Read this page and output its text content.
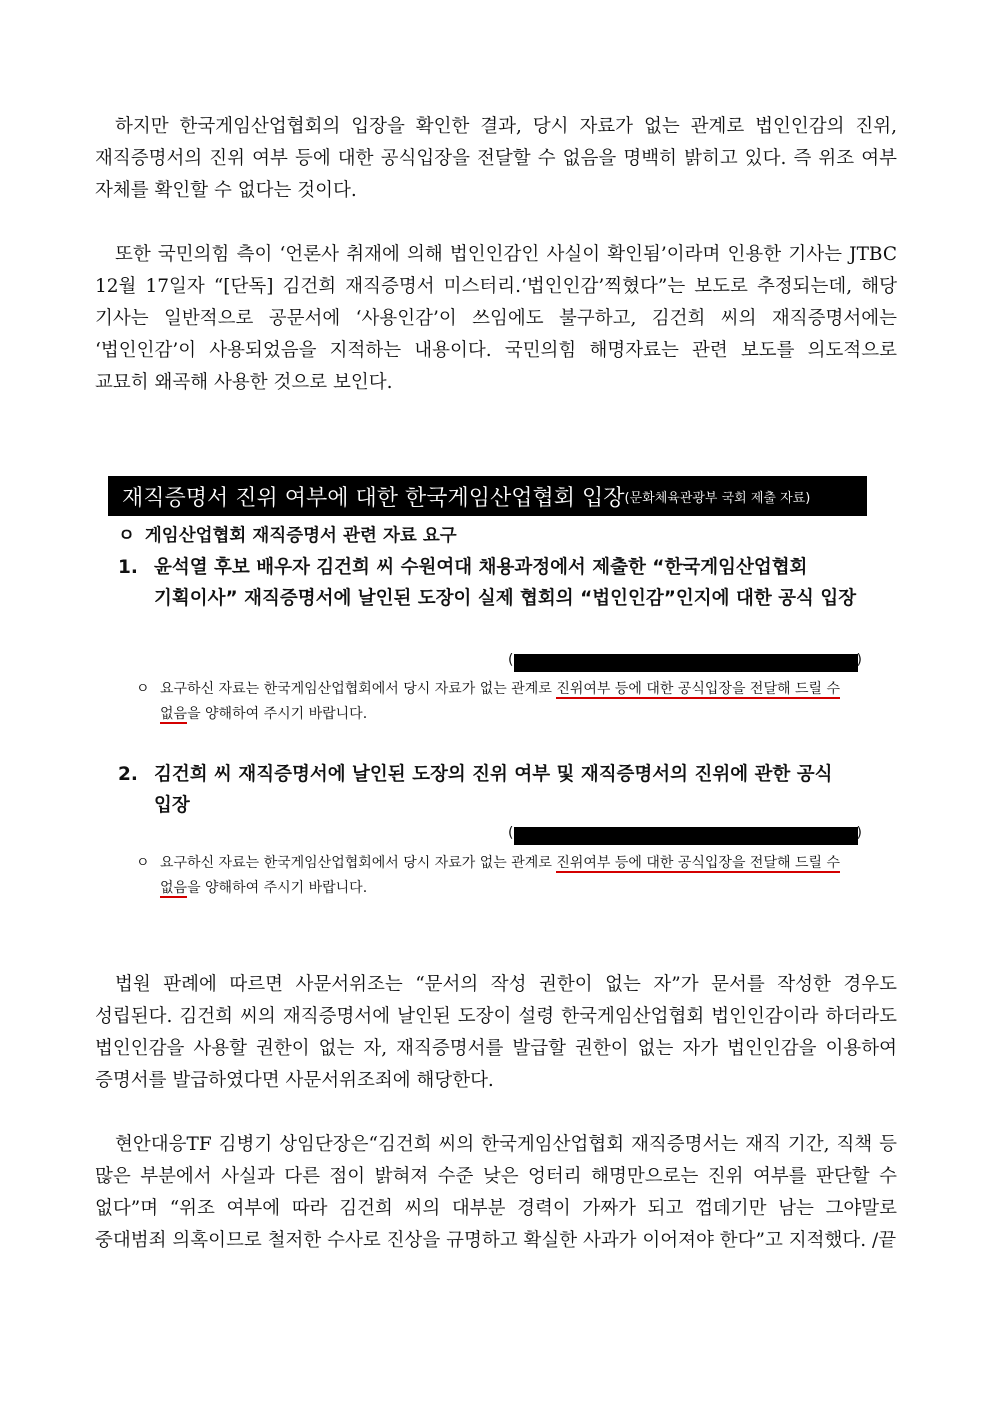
하지만 한국게임산업협회의 입장을 확인한 결과, 당시 자료가 없는 관계로 법인인감의 진위, 재직증명서의 진위 여부 등에 대한 공식입장을 전달할 수 없음을 명백히 밝히고 있다. 즉 위조 여부 자체를 확인할 수 없다는 것이다.

또한 국민의힘 측이 ‘언론사 취재에 의해 법인인감인 사실이 확인됨’이라며 인용한 기사는 JTBC 12월 17일자 “[단독] 김건희 재직증명서 미스터리.‘법인인감’찍혔다”는 보도로 추정되는데, 해당 기사는 일반적으로 공문서에 ‘사용인감’이 쓰임에도 불구하고, 김건희 씨의 재직증명서에는 ‘법인인감’이 사용되었음을 지적하는 내용이다. 국민의힘 해명자료는 관련 보도를 의도적으로 교묘히 왜곡해 사용한 것으로 보인다.

재직증명서 진위 여부에 대한 한국게임산업협회 입장 (문화체육관광부 국회 제출 자료)
ㅇ 게임산업협회 재직증명서 관련 자료 요구
1. 윤석열 후보 배우자 김건희 씨 수원여대 채용과정에서 제출한 “한국게임산업협회 기획이사” 재직증명서에 날인된 도장이 실제 협회의 “법인인감”인지에 대한 공식 입장
(	)
ㅇ 요구하신 자료는 한국게임산업협회에서 당시 자료가 없는 관계로 진위여부 등에 대한 공식입장을 전달해 드릴 수 없음을 양해하여 주시기 바랍니다.
2. 김건희 씨 재직증명서에 날인된 도장의 진위 여부 및 재직증명서의 진위에 관한 공식 입장
(	)
ㅇ 요구하신 자료는 한국게임산업협회에서 당시 자료가 없는 관계로 진위여부 등에 대한 공식입장을 전달해 드릴 수 없음을 양해하여 주시기 바랍니다.

법원 판례에 따르면 사문서위조는 “문서의 작성 권한이 없는 자”가 문서를 작성한 경우도 성립된다. 김건희 씨의 재직증명서에 날인된 도장이 설령 한국게임산업협회 법인인감이라 하더라도 법인인감을 사용할 권한이 없는 자, 재직증명서를 발급할 권한이 없는 자가 법인인감을 이용하여 증명서를 발급하였다면 사문서위조죄에 해당한다.

현안대응TF 김병기 상임단장은“김건희 씨의 한국게임산업협회 재직증명서는 재직 기간, 직책 등 많은 부분에서 사실과 다른 점이 밝혀져 수준 낮은 엉터리 해명만으로는 진위 여부를 판단할 수 없다”며 “위조 여부에 따라 김건희 씨의 대부분 경력이 가짜가 되고 껍데기만 남는 그야말로 중대범죄 의혹이므로 철저한 수사로 진상을 규명하고 확실한 사과가 이어져야 한다”고 지적했다. /끝
